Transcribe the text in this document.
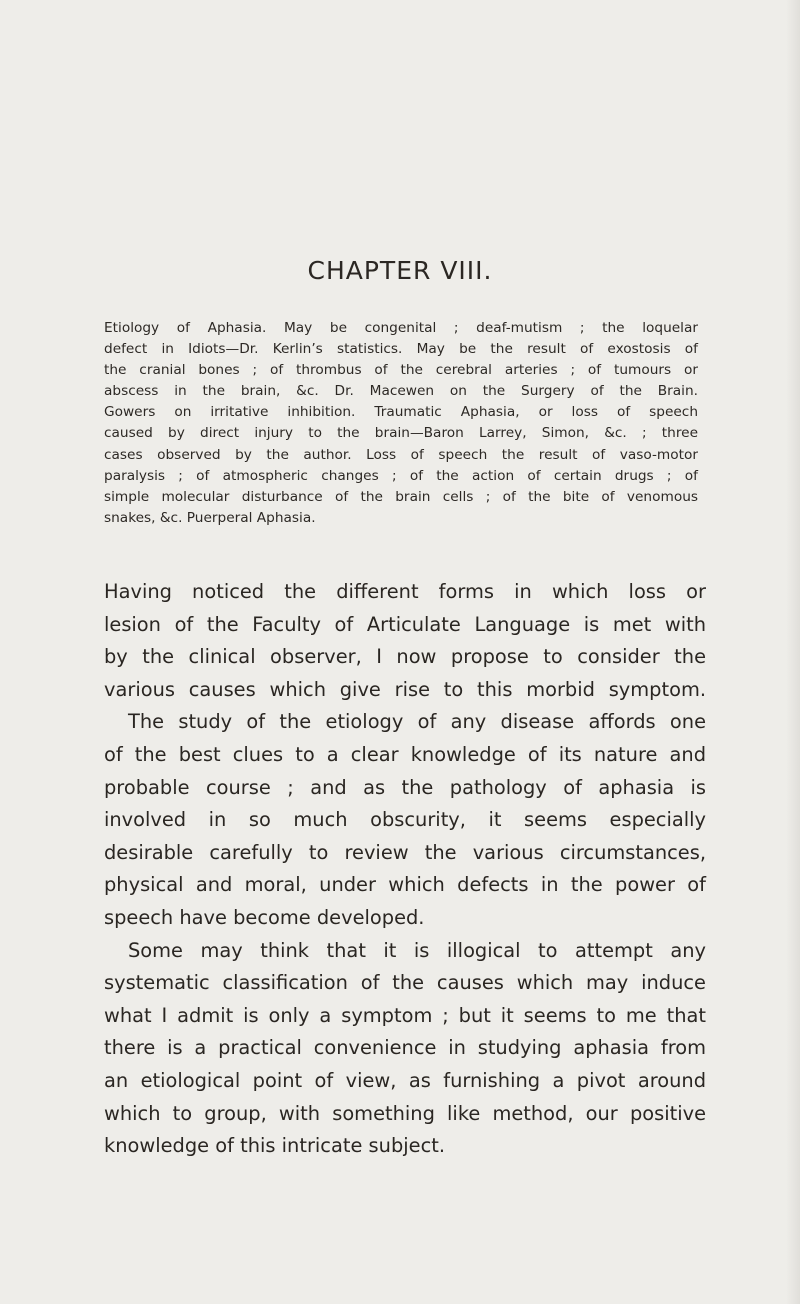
CHAPTER VIII.
Etiology of Aphasia. May be congenital ; deaf-mutism ; the loquelar
defect in Idiots—Dr. Kerlin’s statistics. May be the result of exostosis of
the cranial bones ; of thrombus of the cerebral arteries ; of tumours or
abscess in the brain, &c. Dr. Macewen on the Surgery of the Brain.
Gowers on irritative inhibition. Traumatic Aphasia, or loss of speech
caused by direct injury to the brain—Baron Larrey, Simon, &c. ; three
cases observed by the author. Loss of speech the result of vaso-motor
paralysis ; of atmospheric changes ; of the action of certain drugs ; of
simple molecular disturbance of the brain cells ; of the bite of venomous
snakes, &c. Puerperal Aphasia.
Having noticed the different forms in which loss or
lesion of the Faculty of Articulate Language is met with
by the clinical observer, I now propose to consider the
various causes which give rise to this morbid symptom.
The study of the etiology of any disease affords one
of the best clues to a clear knowledge of its nature and
probable course ; and as the pathology of aphasia is
involved in so much obscurity, it seems especially
desirable carefully to review the various circumstances,
physical and moral, under which defects in the power of
speech have become developed.
Some may think that it is illogical to attempt any
systematic classification of the causes which may induce
what I admit is only a symptom ; but it seems to me that
there is a practical convenience in studying aphasia from
an etiological point of view, as furnishing a pivot around
which to group, with something like method, our positive
knowledge of this intricate subject.
